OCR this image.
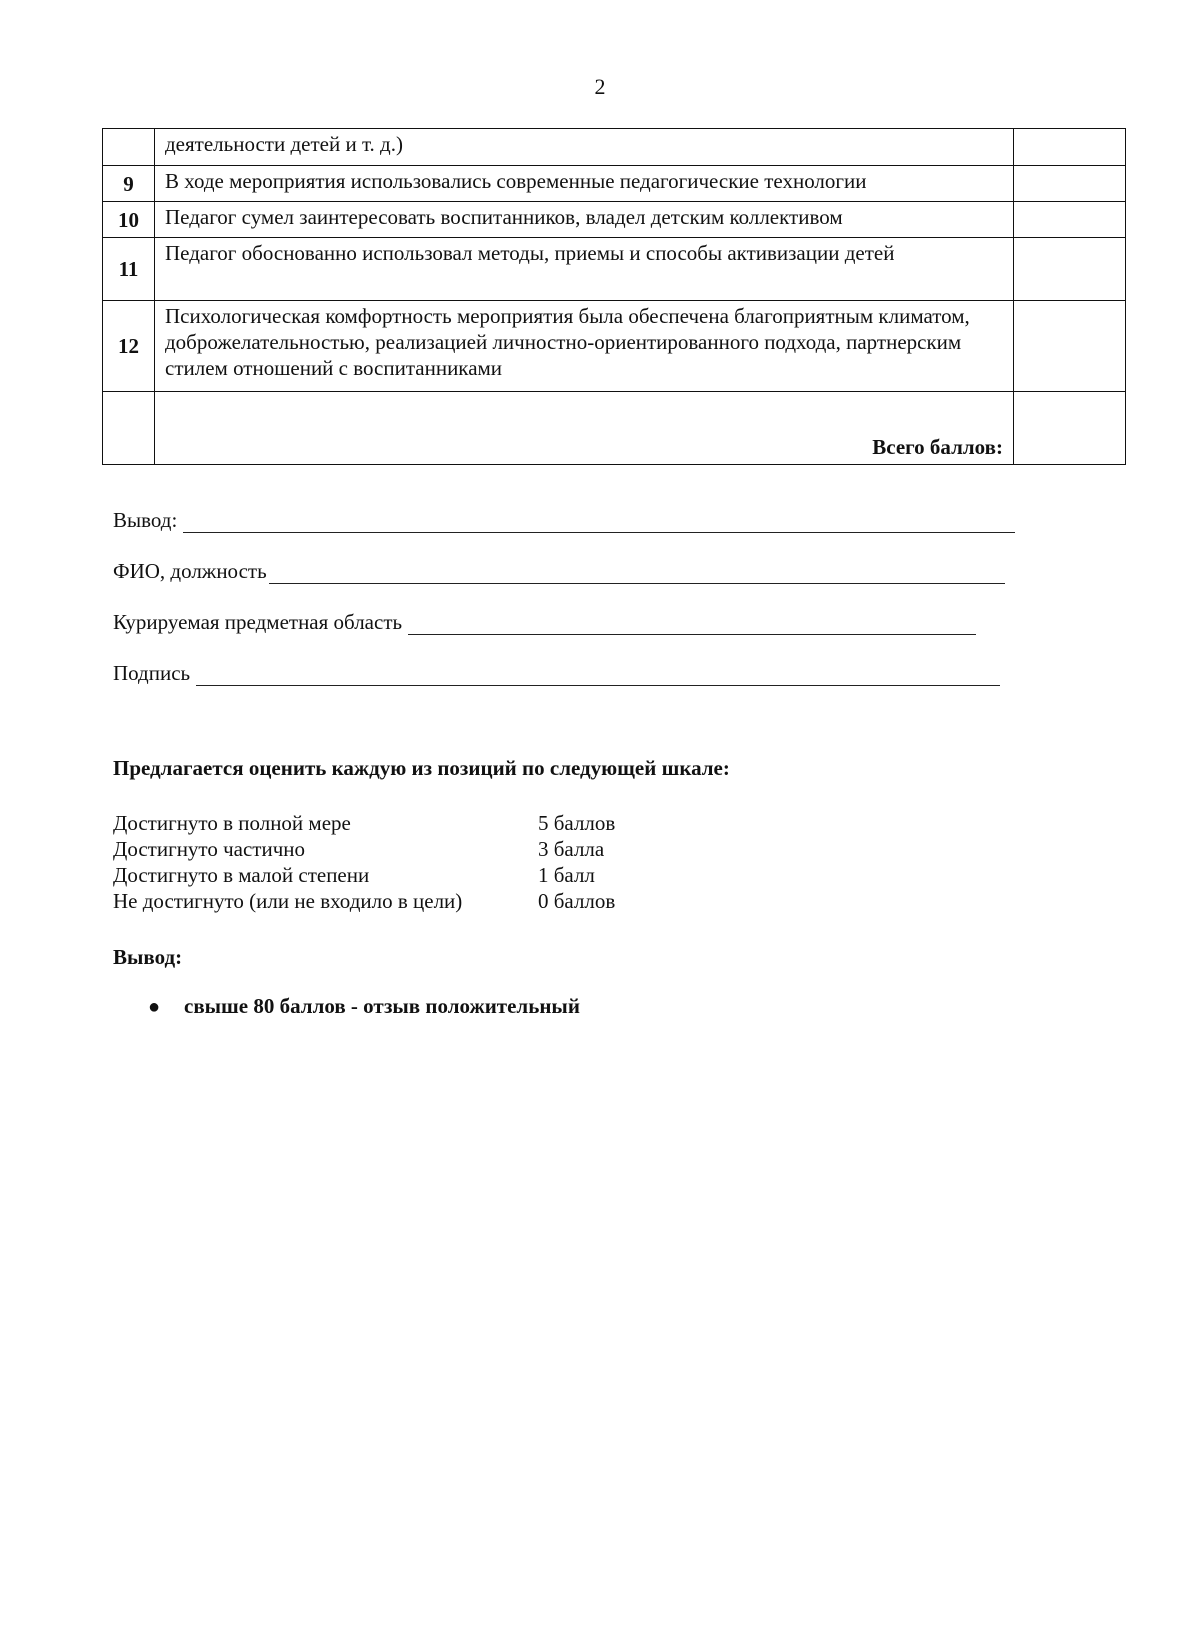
2
	деятельности детей и т. д.)	
9	В ходе мероприятия использовались современные педагогические технологии	
10	Педагог сумел заинтересовать воспитанников, владел детским коллективом	
11	Педагог обоснованно использовал методы, приемы и способы активизации детей	
12	Психологическая комфортность мероприятия была обеспечена благоприятным климатом, доброжелательностью, реализацией личностно-ориентированного подхода, партнерским стилем отношений с воспитанниками	
	Всего баллов:	
Вывод:
ФИО, должность
Курируемая предметная область
Подпись
Предлагается оценить каждую из позиций по следующей шкале:
Достигнуто в полной мере	5 баллов
Достигнуто частично	3 балла
Достигнуто в малой степени	1 балл
Не достигнуто (или не входило в цели)	0 баллов
Вывод:
●	свыше 80 баллов - отзыв положительный
